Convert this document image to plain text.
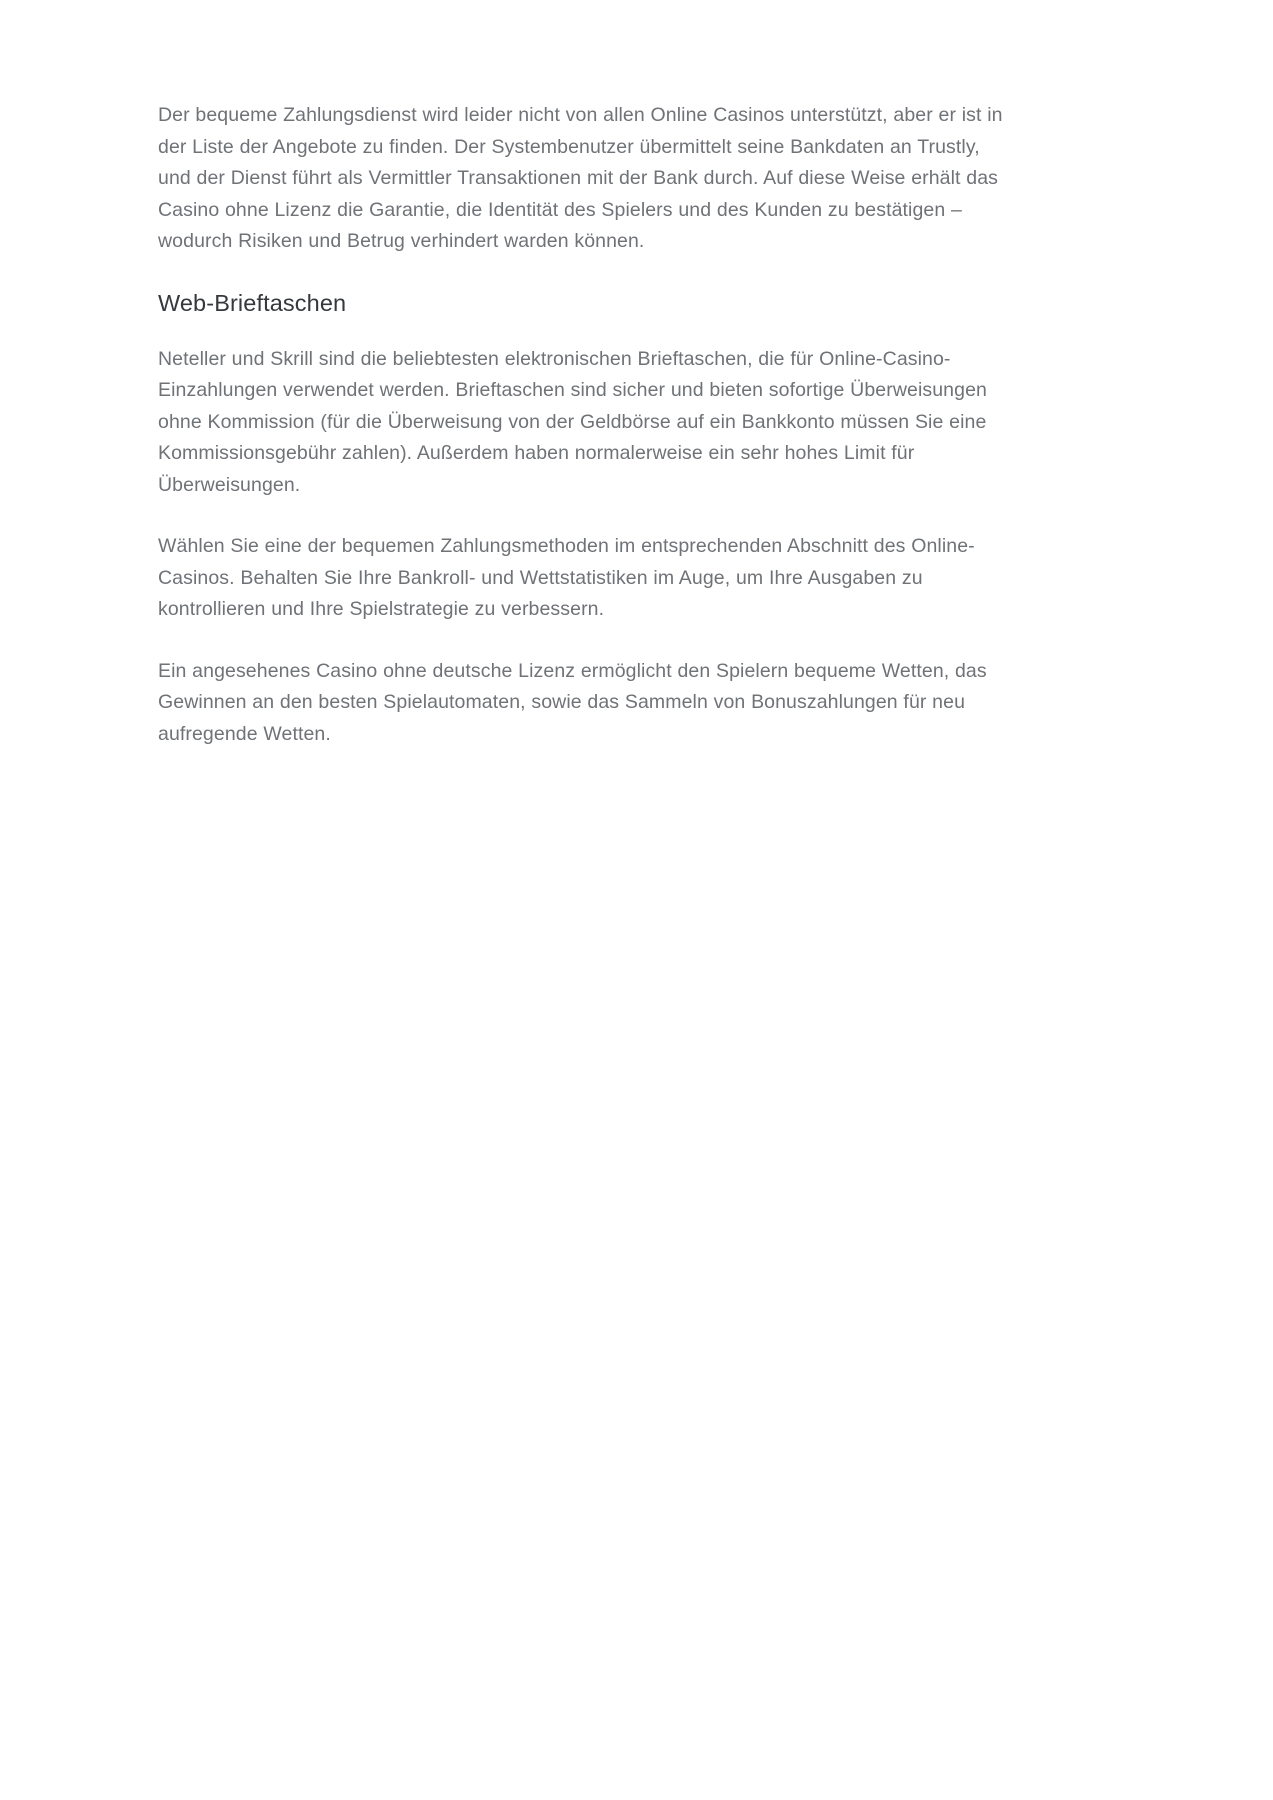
Der bequeme Zahlungsdienst wird leider nicht von allen Online Casinos unterstützt, aber er ist in der Liste der Angebote zu finden. Der Systembenutzer übermittelt seine Bankdaten an Trustly, und der Dienst führt als Vermittler Transaktionen mit der Bank durch. Auf diese Weise erhält das Casino ohne Lizenz die Garantie, die Identität des Spielers und des Kunden zu bestätigen – wodurch Risiken und Betrug verhindert warden können.

Web-Brieftaschen

Neteller und Skrill sind die beliebtesten elektronischen Brieftaschen, die für Online-Casino-Einzahlungen verwendet werden. Brieftaschen sind sicher und bieten sofortige Überweisungen ohne Kommission (für die Überweisung von der Geldbörse auf ein Bankkonto müssen Sie eine Kommissionsgebühr zahlen). Außerdem haben normalerweise ein sehr hohes Limit für Überweisungen.

Wählen Sie eine der bequemen Zahlungsmethoden im entsprechenden Abschnitt des Online-Casinos. Behalten Sie Ihre Bankroll- und Wettstatistiken im Auge, um Ihre Ausgaben zu kontrollieren und Ihre Spielstrategie zu verbessern.

Ein angesehenes Casino ohne deutsche Lizenz ermöglicht den Spielern bequeme Wetten, das Gewinnen an den besten Spielautomaten, sowie das Sammeln von Bonuszahlungen für neu aufregende Wetten.
